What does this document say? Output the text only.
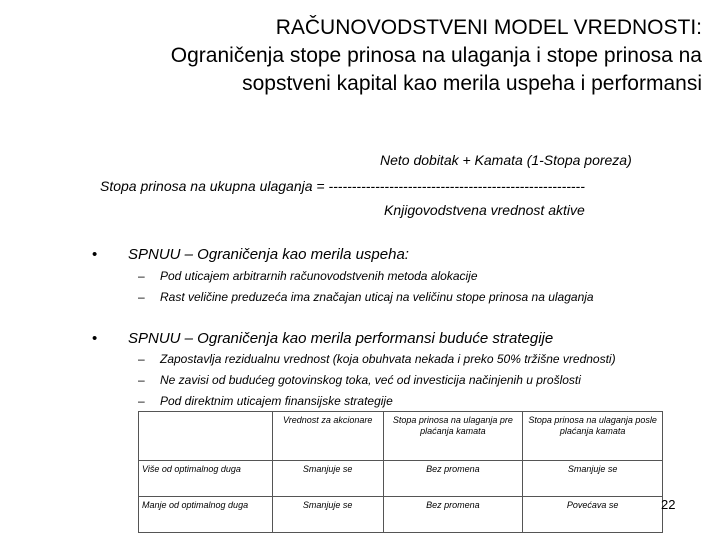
RAČUNOVODSTVENI MODEL VREDNOSTI:
Ograničenja stope prinosa na ulaganja i stope prinosa na
sopstveni kapital kao merila uspeha i performansi
Neto dobitak + Kamata (1-Stopa poreza)
Stopa prinosa na ukupna ulaganja = -------------------------------------------------------
Knjigovodstvena vrednost aktive
• SPNUU – Ograničenja kao merila uspeha:
– Pod uticajem arbitrarnih računovodstvenih metoda alokacije
– Rast veličine preduzeća ima značajan uticaj na veličinu stope prinosa na ulaganja
• SPNUU – Ograničenja kao merila performansi buduće strategije
– Zapostavlja rezidualnu vrednost (koja obuhvata nekada i preko 50% tržišne vrednosti)
– Ne zavisi od budućeg gotovinskog toka, već od investicija načinjenih u prošlosti
– Pod direktnim uticajem finansijske strategije
	Vrednost za akcionare	Stopa prinosa na ulaganja pre plaćanja kamata	Stopa prinosa na ulaganja posle plaćanja kamata
Više od optimalnog duga	Smanjuje se	Bez promena	Smanjuje se
Manje od optimalnog duga	Smanjuje se	Bez promena	Povećava se	22
